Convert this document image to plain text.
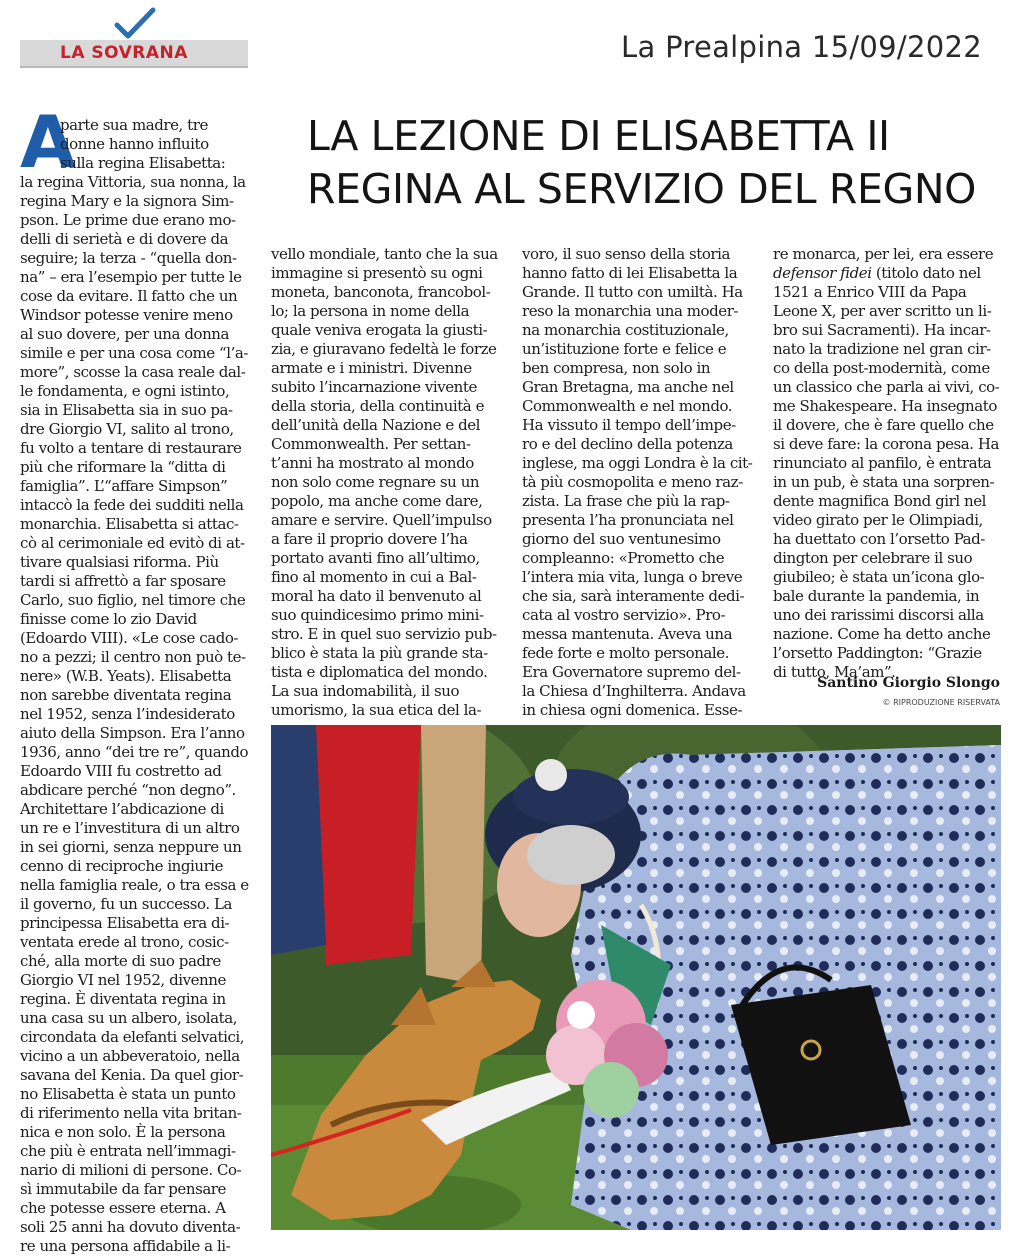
LA SOVRANA	La Prealpina 15/09/2022
LA LEZIONE DI ELISABETTA II
REGINA AL SERVIZIO DEL REGNO
A
parte sua madre, tre
donne hanno influito
sulla regina Elisabetta:
la regina Vittoria, sua nonna, la
regina Mary e la signora Sim-
pson. Le prime due erano mo-
delli di serietà e di dovere da
seguire; la terza - “quella don-
na” – era l’esempio per tutte le
cose da evitare. Il fatto che un
Windsor potesse venire meno
al suo dovere, per una donna
simile e per una cosa come “l’a-
more”, scosse la casa reale dal-
le fondamenta, e ogni istinto,
sia in Elisabetta sia in suo pa-
dre Giorgio VI, salito al trono,
fu volto a tentare di restaurare
più che riformare la “ditta di
famiglia”. L’“affare Simpson”
intaccò la fede dei sudditi nella
monarchia. Elisabetta si attac-
cò al cerimoniale ed evitò di at-
tivare qualsiasi riforma. Più
tardi si affrettò a far sposare
Carlo, suo figlio, nel timore che
finisse come lo zio David
(Edoardo VIII). «Le cose cado-
no a pezzi; il centro non può te-
nere» (W.B. Yeats). Elisabetta
non sarebbe diventata regina
nel 1952, senza l’indesiderato
aiuto della Simpson. Era l’anno
1936, anno “dei tre re”, quando
Edoardo VIII fu costretto ad
abdicare perché “non degno”.
Architettare l’abdicazione di
un re e l’investitura di un altro
in sei giorni, senza neppure un
cenno di reciproche ingiurie
nella famiglia reale, o tra essa e
il governo, fu un successo. La
principessa Elisabetta era di-
ventata erede al trono, cosic-
ché, alla morte di suo padre
Giorgio VI nel 1952, divenne
regina. È diventata regina in
una casa su un albero, isolata,
circondata da elefanti selvatici,
vicino a un abbeveratoio, nella
savana del Kenia. Da quel gior-
no Elisabetta è stata un punto
di riferimento nella vita britan-
nica e non solo. È la persona
che più è entrata nell’immagi-
nario di milioni di persone. Co-
sì immutabile da far pensare
che potesse essere eterna. A
soli 25 anni ha dovuto diventa-
re una persona affidabile a li-
vello mondiale, tanto che la sua
immagine si presentò su ogni
moneta, banconota, francobol-
lo; la persona in nome della
quale veniva erogata la giusti-
zia, e giuravano fedeltà le forze
armate e i ministri. Divenne
subito l’incarnazione vivente
della storia, della continuità e
dell’unità della Nazione e del
Commonwealth. Per settan-
t’anni ha mostrato al mondo
non solo come regnare su un
popolo, ma anche come dare,
amare e servire. Quell’impulso
a fare il proprio dovere l’ha
portato avanti fino all’ultimo,
fino al momento in cui a Bal-
moral ha dato il benvenuto al
suo quindicesimo primo mini-
stro. E in quel suo servizio pub-
blico è stata la più grande sta-
tista e diplomatica del mondo.
La sua indomabilità, il suo
umorismo, la sua etica del la-
voro, il suo senso della storia
hanno fatto di lei Elisabetta la
Grande. Il tutto con umiltà. Ha
reso la monarchia una moder-
na monarchia costituzionale,
un’istituzione forte e felice e
ben compresa, non solo in
Gran Bretagna, ma anche nel
Commonwealth e nel mondo.
Ha vissuto il tempo dell’impe-
ro e del declino della potenza
inglese, ma oggi Londra è la cit-
tà più cosmopolita e meno raz-
zista. La frase che più la rap-
presenta l’ha pronunciata nel
giorno del suo ventunesimo
compleanno: «Prometto che
l’intera mia vita, lunga o breve
che sia, sarà interamente dedi-
cata al vostro servizio». Pro-
messa mantenuta. Aveva una
fede forte e molto personale.
Era Governatore supremo del-
la Chiesa d’Inghilterra. Andava
in chiesa ogni domenica. Esse-
re monarca, per lei, era essere
defensor fidei (titolo dato nel
1521 a Enrico VIII da Papa
Leone X, per aver scritto un li-
bro sui Sacramenti). Ha incar-
nato la tradizione nel gran cir-
co della post-modernità, come
un classico che parla ai vivi, co-
me Shakespeare. Ha insegnato
il dovere, che è fare quello che
si deve fare: la corona pesa. Ha
rinunciato al panfilo, è entrata
in un pub, è stata una sorpren-
dente magnifica Bond girl nel
video girato per le Olimpiadi,
ha duettato con l’orsetto Pad-
dington per celebrare il suo
giubileo; è stata un’icona glo-
bale durante la pandemia, in
uno dei rarissimi discorsi alla
nazione. Come ha detto anche
l’orsetto Paddington: “Grazie
di tutto, Ma’am”.
Santino Giorgio Slongo
© RIPRODUZIONE RISERVATA
